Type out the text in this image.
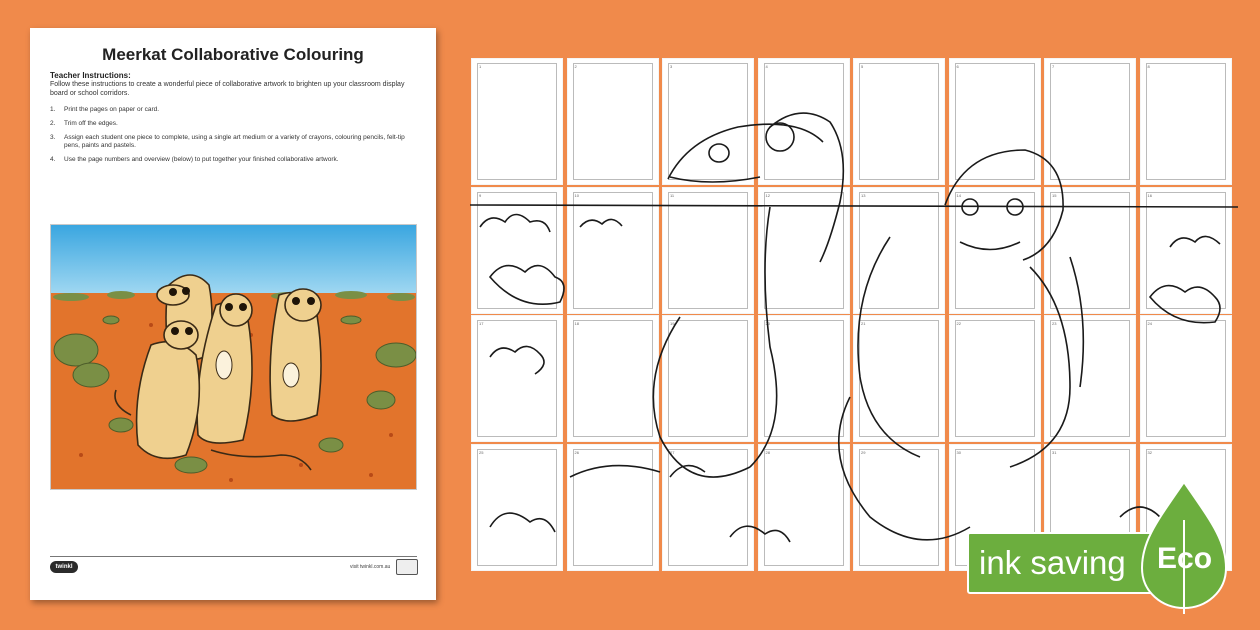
Meerkat Collaborative Colouring
Teacher Instructions:
Follow these instructions to create a wonderful piece of collaborative artwork to brighten up your classroom display board or school corridors.
1.	Print the pages on paper or card.
2.	Trim off the edges.
3.	Assign each student one piece to complete, using a single art medium or a variety of crayons, colouring pencils, felt-tip pens, paints and pastels.
4.	Use the page numbers and overview (below) to put together your finished collaborative artwork.
twinkl	visit twinkl.com.au
1	2	3	4	5	6	7	8
9	10	11	12	13	14	15	16
17	18	19	20	21	22	23	24
25	26	27	28	29	30	31	32
ink saving Eco
